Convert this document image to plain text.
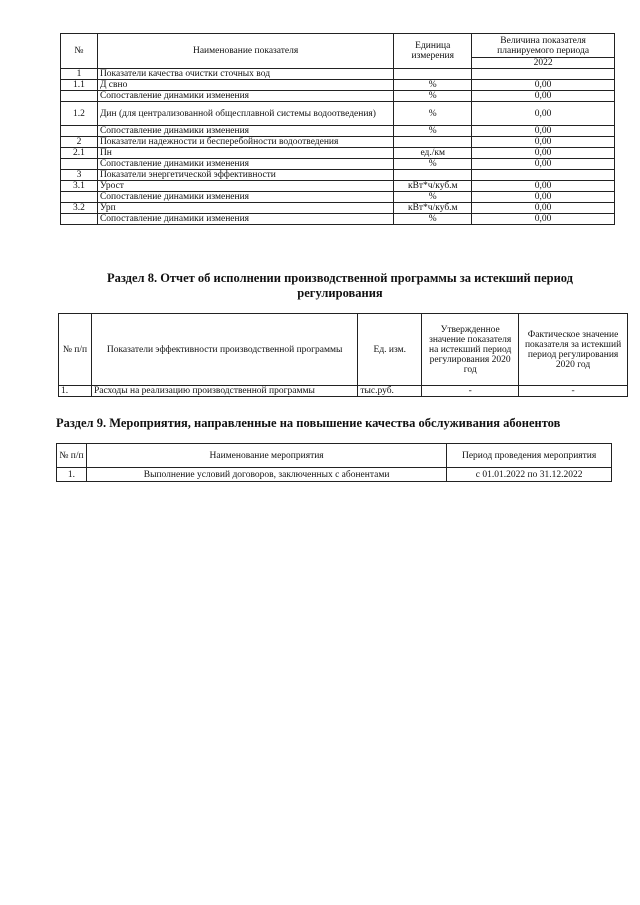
№	Наименование показателя	Единица измерения	Величина показателя планируемого периода
			2022
1	Показатели качества очистки сточных вод		
1.1	Д свно	%	0,00
	Сопоставление динамики изменения	%	0,00
1.2	Дин (для централизованной общесплавной системы водоотведения)	%	0,00
	Сопоставление динамики изменения	%	0,00
2	Показатели надежности и бесперебойности водоотведения		0,00
2.1	Пн	ед./км	0,00
	Сопоставление динамики изменения	%	0,00
3	Показатели энергетической эффективности		
3.1	Урост	кВт*ч/куб.м	0,00
	Сопоставление динамики изменения	%	0,00
3.2	Урп	кВт*ч/куб.м	0,00
	Сопоставление динамики изменения	%	0,00
Раздел 8. Отчет об исполнении производственной программы за истекший период регулирования
№ п/п	Показатели эффективности производственной программы	Ед. изм.	Утвержденное значение показателя на истекший период регулирования 2020 год	Фактическое значение показателя за истекший период регулирования 2020 год
1.	Расходы на реализацию производственной программы	тыс.руб.	-	-
Раздел 9. Мероприятия, направленные на повышение качества обслуживания абонентов
№ п/п	Наименование мероприятия	Период проведения мероприятия
1.	Выполнение условий договоров, заключенных с абонентами	с 01.01.2022 по 31.12.2022
